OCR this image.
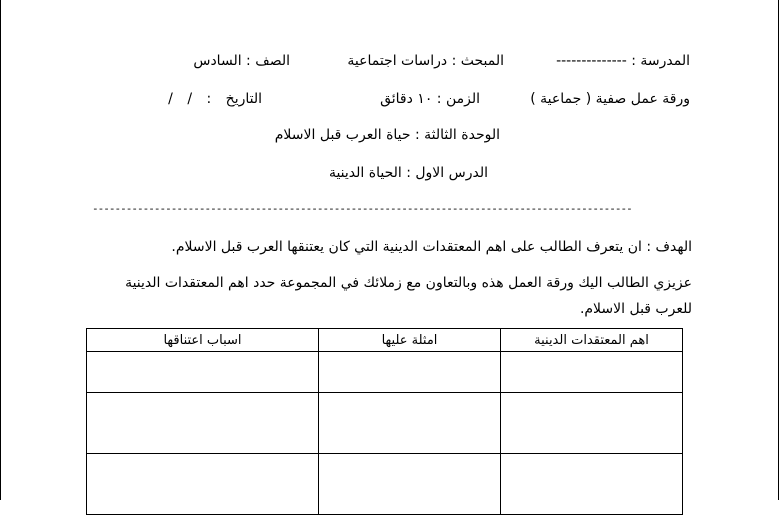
المدرسة : --------------
المبحث : دراسات اجتماعية
الصف : السادس
ورقة عمل صفية ( جماعية )
الزمن : ١٠ دقائق
التاريخ : / /
الوحدة الثالثة : حياة العرب قبل الاسلام
الدرس الاول : الحياة الدينية
------------------------------------------------------------------------------------------------
الهدف : ان يتعرف الطالب على اهم المعتقدات الدينية التي كان يعتنقها العرب قبل الاسلام.
عزيزي الطالب اليك ورقة العمل هذه وبالتعاون مع زملائك في المجموعة حدد اهم المعتقدات الدينية للعرب قبل الاسلام.
اهم المعتقدات الدينية	امثلة عليها	اسباب اعتناقها
